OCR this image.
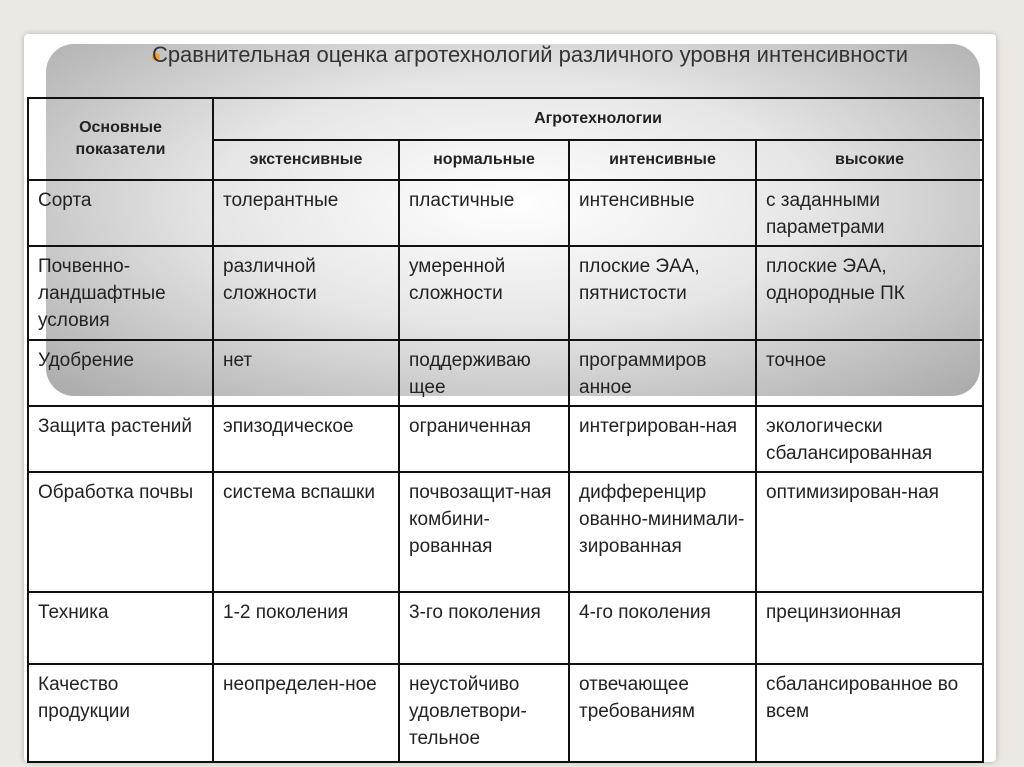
Сравнительная оценка агротехнологий различного уровня интенсивности
Основные показатели	Агротехнологии			
	экстенсивные	нормальные	интенсивные	высокие
Сорта	толерантные	пластичные	интенсивные	с заданными параметрами
Почвенно-ландшафтные условия	различной сложности	умеренной сложности	плоские ЭАА, пятнистости	плоские ЭАА, однородные ПК
Удобрение	нет	поддерживаю щее	программиров анное	точное
Защита растений	эпизодическое	ограниченная	интегрирован-ная	экологически сбалансированная
Обработка почвы	система вспашки	почвозащит-ная комбини-рованная	дифференцир ованно-минимали-зированная	оптимизирован-ная
Техника	1-2 поколения	3-го поколения	4-го поколения	прецинзионная
Качество продукции	неопределен-ное	неустойчиво удовлетвори-тельное	отвечающее требованиям	сбалансированное во всем
